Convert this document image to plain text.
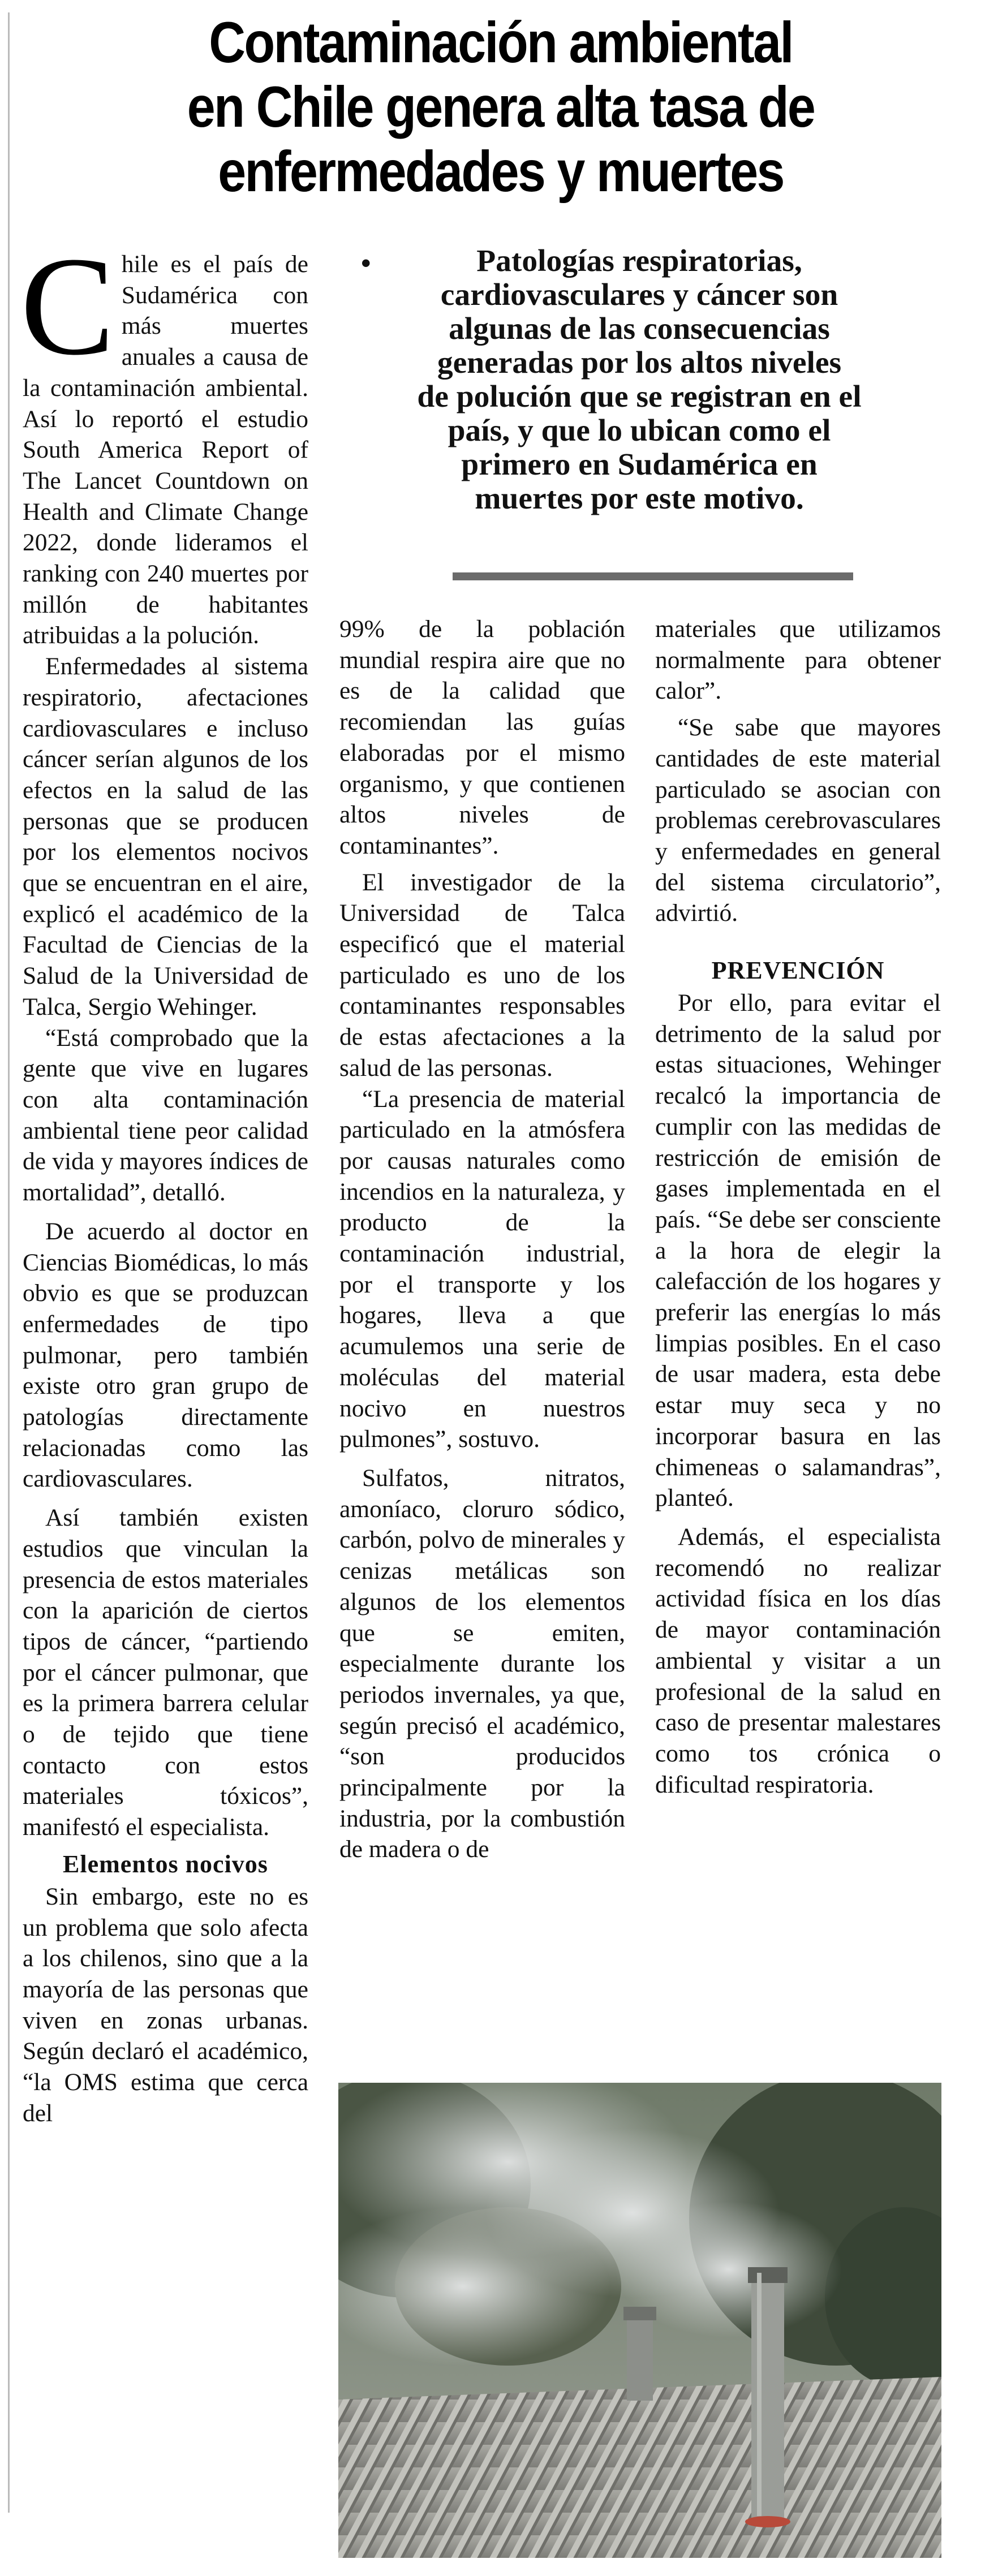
Contaminación ambiental
en Chile genera alta tasa de
enfermedades y muertes

Chile es el país de Sudamérica con más muertes anuales a causa de la contaminación ambiental. Así lo reportó el estudio South America Report of The Lancet Countdown on Health and Climate Change 2022, donde lideramos el ranking con 240 muertes por millón de habitantes atribuidas a la polución.

Enfermedades al sistema respiratorio, afectaciones cardiovasculares e incluso cáncer serían algunos de los efectos en la salud de las personas que se producen por los elementos nocivos que se encuentran en el aire, explicó el académico de la Facultad de Ciencias de la Salud de la Universidad de Talca, Sergio Wehinger.

“Está comprobado que la gente que vive en lugares con alta contaminación ambiental tiene peor calidad de vida y mayores índices de mortalidad”, detalló.

De acuerdo al doctor en Ciencias Biomédicas, lo más obvio es que se produzcan enfermedades de tipo pulmonar, pero también existe otro gran grupo de patologías directamente relacionadas como las cardiovasculares.

Así también existen estudios que vinculan la presencia de estos materiales con la aparición de ciertos tipos de cáncer, “partiendo por el cáncer pulmonar, que es la primera barrera celular o de tejido que tiene contacto con estos materiales tóxicos”, manifestó el especialista.

Elementos nocivos

Sin embargo, este no es un problema que solo afecta a los chilenos, sino que a la mayoría de las personas que viven en zonas urbanas. Según declaró el académico, “la OMS estima que cerca del

•	Patologías respiratorias,
cardiovasculares y cáncer son
algunas de las consecuencias
generadas por los altos niveles
de polución que se registran en el
país, y que lo ubican como el
primero en Sudamérica en
muertes por este motivo.

99% de la población mundial respira aire que no es de la calidad que recomiendan las guías elaboradas por el mismo organismo, y que contienen altos niveles de contaminantes”.

El investigador de la Universidad de Talca especificó que el material particulado es uno de los contaminantes responsables de estas afectaciones a la salud de las personas.

“La presencia de material particulado en la atmósfera por causas naturales como incendios en la naturaleza, y producto de la contaminación industrial, por el transporte y los hogares, lleva a que acumulemos una serie de moléculas del material nocivo en nuestros pulmones”, sostuvo.

Sulfatos, nitratos, amoníaco, cloruro sódico, carbón, polvo de minerales y cenizas metálicas son algunos de los elementos que se emiten, especialmente durante los periodos invernales, ya que, según precisó el académico, “son producidos principalmente por la industria, por la combustión de madera o de

materiales que utilizamos normalmente para obtener calor”.

“Se sabe que mayores cantidades de este material particulado se asocian con problemas cerebrovasculares y enfermedades en general del sistema circulatorio”, advirtió.

PREVENCIÓN

Por ello, para evitar el detrimento de la salud por estas situaciones, Wehinger recalcó la importancia de cumplir con las medidas de restricción de emisión de gases implementada en el país. “Se debe ser consciente a la hora de elegir la calefacción de los hogares y preferir las energías lo más limpias posibles. En el caso de usar madera, esta debe estar muy seca y no incorporar basura en las chimeneas o salamandras”, planteó.

Además, el especialista recomendó no realizar actividad física en los días de mayor contaminación ambiental y visitar a un profesional de la salud en caso de presentar malestares como tos crónica o dificultad respiratoria.
